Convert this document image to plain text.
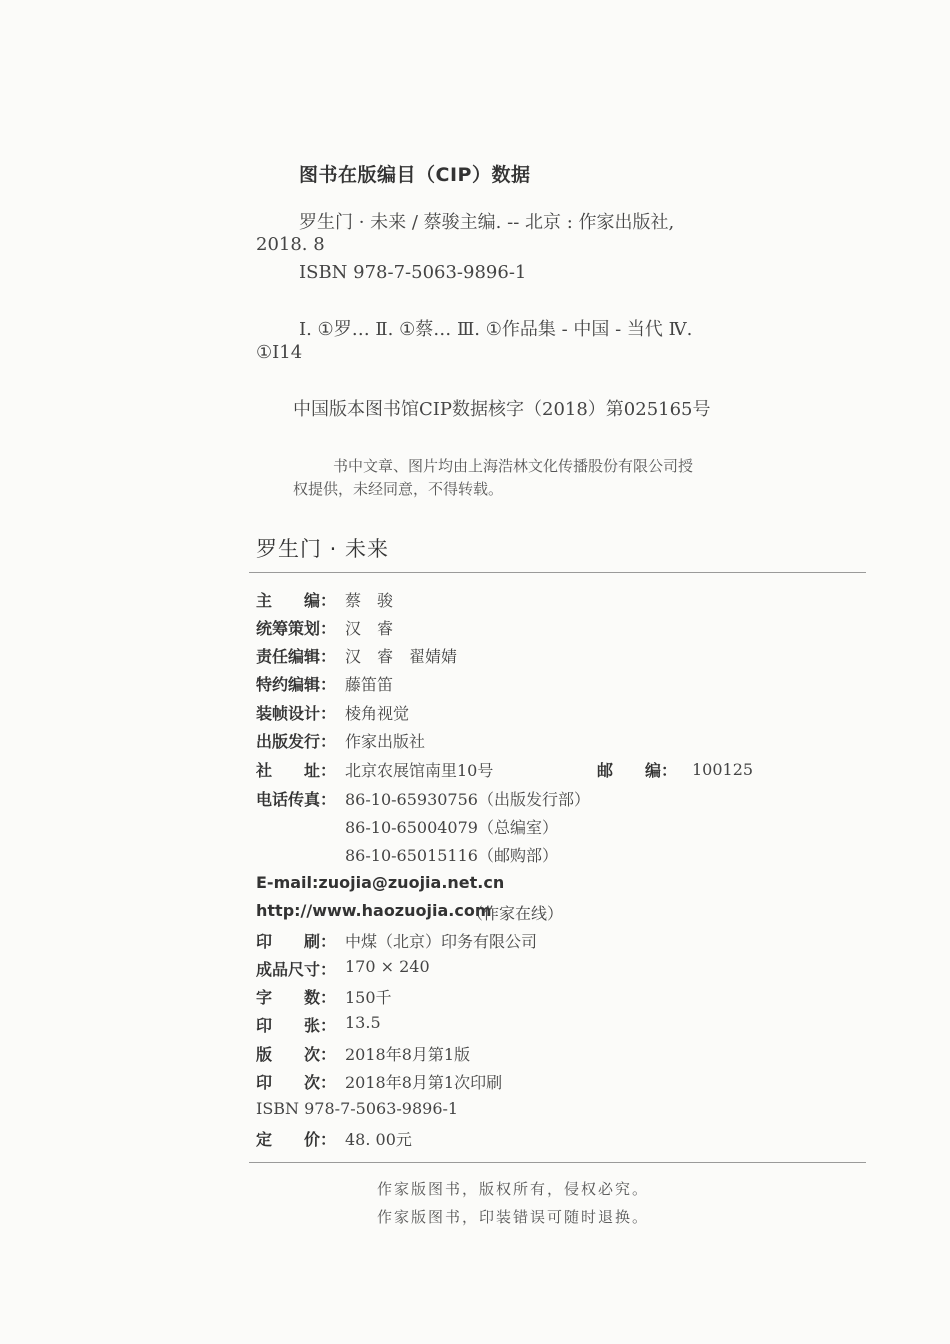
图书在版编目（CIP）数据
罗生门 · 未来 / 蔡骏主编. -- 北京 : 作家出版社,
2018. 8
ISBN 978-7-5063-9896-1
Ⅰ. ①罗… Ⅱ. ①蔡… Ⅲ. ①作品集 - 中国 - 当代 Ⅳ.
①I14
中国版本图书馆CIP数据核字（2018）第025165号
书中文章、图片均由上海浩林文化传播股份有限公司授
权提供，未经同意，不得转载。
罗生门 · 未来
主　　编： 蔡　骏
统筹策划： 汉　睿
责任编辑： 汉　睿　翟婧婧
特约编辑： 藤笛笛
装帧设计： 棱角视觉
出版发行： 作家出版社
社　　址： 北京农展馆南里10号	邮　　编： 100125
电话传真： 86-10-65930756（出版发行部）
86-10-65004079（总编室）
86-10-65015116（邮购部）
E-mail:zuojia@zuojia.net.cn
http://www.haozuojia.com
（作家在线）
印　　刷： 中煤（北京）印务有限公司
成品尺寸： 170 × 240
字　　数： 150千
印　　张： 13.5
版　　次： 2018年8月第1版
印　　次： 2018年8月第1次印刷
ISBN 978-7-5063-9896-1
定　　价： 48. 00元
作家版图书，版权所有，侵权必究。
作家版图书，印装错误可随时退换。
